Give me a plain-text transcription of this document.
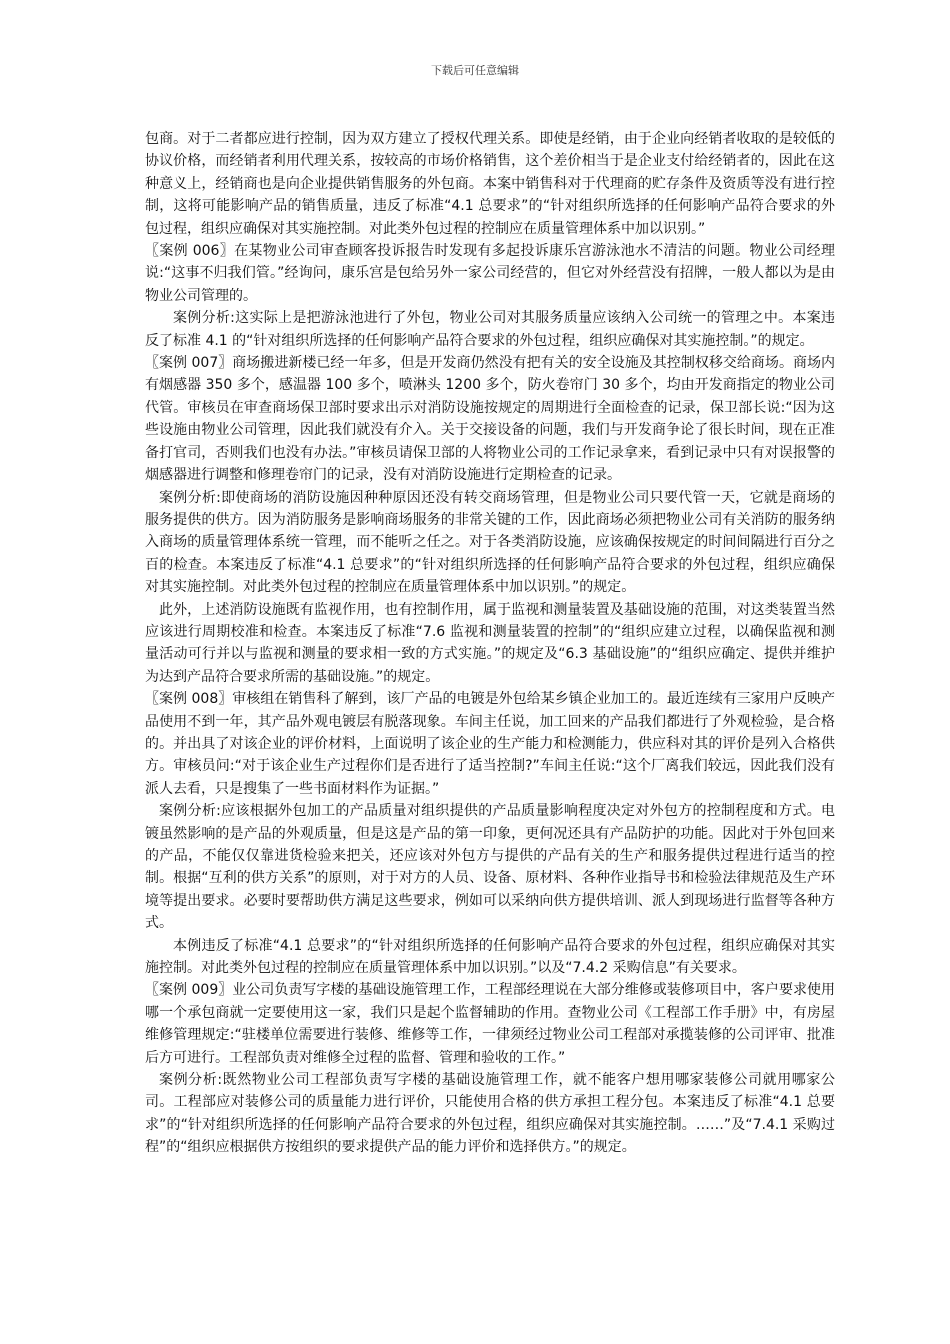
下载后可任意编辑

包商。对于二者都应进行控制，因为双方建立了授权代理关系。即使是经销，由于企业向经销者收取的是较低的协议价格，而经销者利用代理关系，按较高的市场价格销售，这个差价相当于是企业支付给经销者的，因此在这种意义上，经销商也是向企业提供销售服务的外包商。本案中销售科对于代理商的贮存条件及资质等没有进行控制，这将可能影响产品的销售质量，违反了标准“4.1 总要求”的“针对组织所选择的任何影响产品符合要求的外包过程，组织应确保对其实施控制。对此类外包过程的控制应在质量管理体系中加以识别。”

〖案例 006〗在某物业公司审查顾客投诉报告时发现有多起投诉康乐宫游泳池水不清洁的问题。物业公司经理说:“这事不归我们管。”经询问，康乐宫是包给另外一家公司经营的，但它对外经营没有招牌，一般人都以为是由物业公司管理的。

案例分析:这实际上是把游泳池进行了外包，物业公司对其服务质量应该纳入公司统一的管理之中。本案违反了标准 4.1 的“针对组织所选择的任何影响产品符合要求的外包过程，组织应确保对其实施控制。”的规定。

〖案例 007〗商场搬进新楼已经一年多，但是开发商仍然没有把有关的安全设施及其控制权移交给商场。商场内有烟感器 350 多个，感温器 100 多个，喷淋头 1200 多个，防火卷帘门 30 多个，均由开发商指定的物业公司代管。审核员在审查商场保卫部时要求出示对消防设施按规定的周期进行全面检查的记录，保卫部长说:“因为这些设施由物业公司管理，因此我们就没有介入。关于交接设备的问题，我们与开发商争论了很长时间，现在正准备打官司，否则我们也没有办法。”审核员请保卫部的人将物业公司的工作记录拿来，看到记录中只有对误报警的烟感器进行调整和修理卷帘门的记录，没有对消防设施进行定期检查的记录。

案例分析:即使商场的消防设施因种种原因还没有转交商场管理，但是物业公司只要代管一天，它就是商场的服务提供的供方。因为消防服务是影响商场服务的非常关键的工作，因此商场必须把物业公司有关消防的服务纳入商场的质量管理体系统一管理，而不能听之任之。对于各类消防设施，应该确保按规定的时间间隔进行百分之百的检查。本案违反了标准“4.1 总要求”的“针对组织所选择的任何影响产品符合要求的外包过程，组织应确保对其实施控制。对此类外包过程的控制应在质量管理体系中加以识别。”的规定。

此外，上述消防设施既有监视作用，也有控制作用，属于监视和测量装置及基础设施的范围，对这类装置当然应该进行周期校准和检查。本案违反了标准“7.6 监视和测量装置的控制”的“组织应建立过程，以确保监视和测量活动可行并以与监视和测量的要求相一致的方式实施。”的规定及“6.3 基础设施”的“组织应确定、提供并维护为达到产品符合要求所需的基础设施。”的规定。

〖案例 008〗审核组在销售科了解到，该厂产品的电镀是外包给某乡镇企业加工的。最近连续有三家用户反映产品使用不到一年，其产品外观电镀层有脱落现象。车间主任说，加工回来的产品我们都进行了外观检验，是合格的。并出具了对该企业的评价材料，上面说明了该企业的生产能力和检测能力，供应科对其的评价是列入合格供方。审核员问:“对于该企业生产过程你们是否进行了适当控制?”车间主任说:“这个厂离我们较远，因此我们没有派人去看，只是搜集了一些书面材料作为证据。”

案例分析:应该根据外包加工的产品质量对组织提供的产品质量影响程度决定对外包方的控制程度和方式。电镀虽然影响的是产品的外观质量，但是这是产品的第一印象，更何况还具有产品防护的功能。因此对于外包回来的产品，不能仅仅靠进货检验来把关，还应该对外包方与提供的产品有关的生产和服务提供过程进行适当的控制。根据“互利的供方关系”的原则，对于对方的人员、设备、原材料、各种作业指导书和检验法律规范及生产环境等提出要求。必要时要帮助供方满足这些要求，例如可以采纳向供方提供培训、派人到现场进行监督等各种方式。

本例违反了标准“4.1 总要求”的“针对组织所选择的任何影响产品符合要求的外包过程，组织应确保对其实施控制。对此类外包过程的控制应在质量管理体系中加以识别。”以及“7.4.2 采购信息”有关要求。

〖案例 009〗业公司负责写字楼的基础设施管理工作，工程部经理说在大部分维修或装修项目中，客户要求使用哪一个承包商就一定要使用这一家，我们只是起个监督辅助的作用。查物业公司《工程部工作手册》中，有房屋维修管理规定:“驻楼单位需要进行装修、维修等工作，一律须经过物业公司工程部对承揽装修的公司评审、批准后方可进行。工程部负责对维修全过程的监督、管理和验收的工作。”

案例分析:既然物业公司工程部负责写字楼的基础设施管理工作，就不能客户想用哪家装修公司就用哪家公司。工程部应对装修公司的质量能力进行评价，只能使用合格的供方承担工程分包。本案违反了标准“4.1 总要求”的“针对组织所选择的任何影响产品符合要求的外包过程，组织应确保对其实施控制。……”及“7.4.1 采购过程”的“组织应根据供方按组织的要求提供产品的能力评价和选择供方。”的规定。
